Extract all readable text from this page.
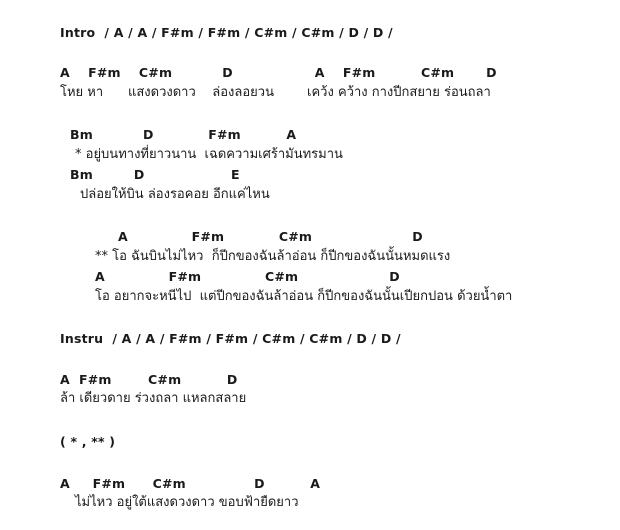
Intro  / A / A / F#m / F#m / C#m / C#m / D / D /

A    F#m    C#m           D                  A    F#m          C#m       D

โหย หา      แสงดวงดาว    ล่องลอยวน        เคว้ง คว้าง กางปีกสยาย ร่อนถลา

Bm           D            F#m          A

* อยู่บนทางที่ยาวนาน  เฉดความเศร้ามันทรมาน

Bm         D                   E

ปล่อยให้บิน ล่องรอคอย อีกแค่ไหน

A              F#m            C#m                      D

** โอ ฉันบินไม่ไหว  ก็ปีกของฉันล้าอ่อน ก็ปีกของฉันนั้นหมดแรง

A              F#m              C#m                    D

โอ อยากจะหนีไป  แต่ปีกของฉันล้าอ่อน ก็ปีกของฉันนั้นเปียกปอน ด้วยน้ำตา

Instru  / A / A / F#m / F#m / C#m / C#m / D / D /

A  F#m        C#m          D

ล้า เดียวดาย ร่วงถลา แหลกสลาย

( * , ** )

A     F#m      C#m               D          A

ไม่ไหว อยู่ใต้แสงดวงดาว ขอบฟ้ายืดยาว
